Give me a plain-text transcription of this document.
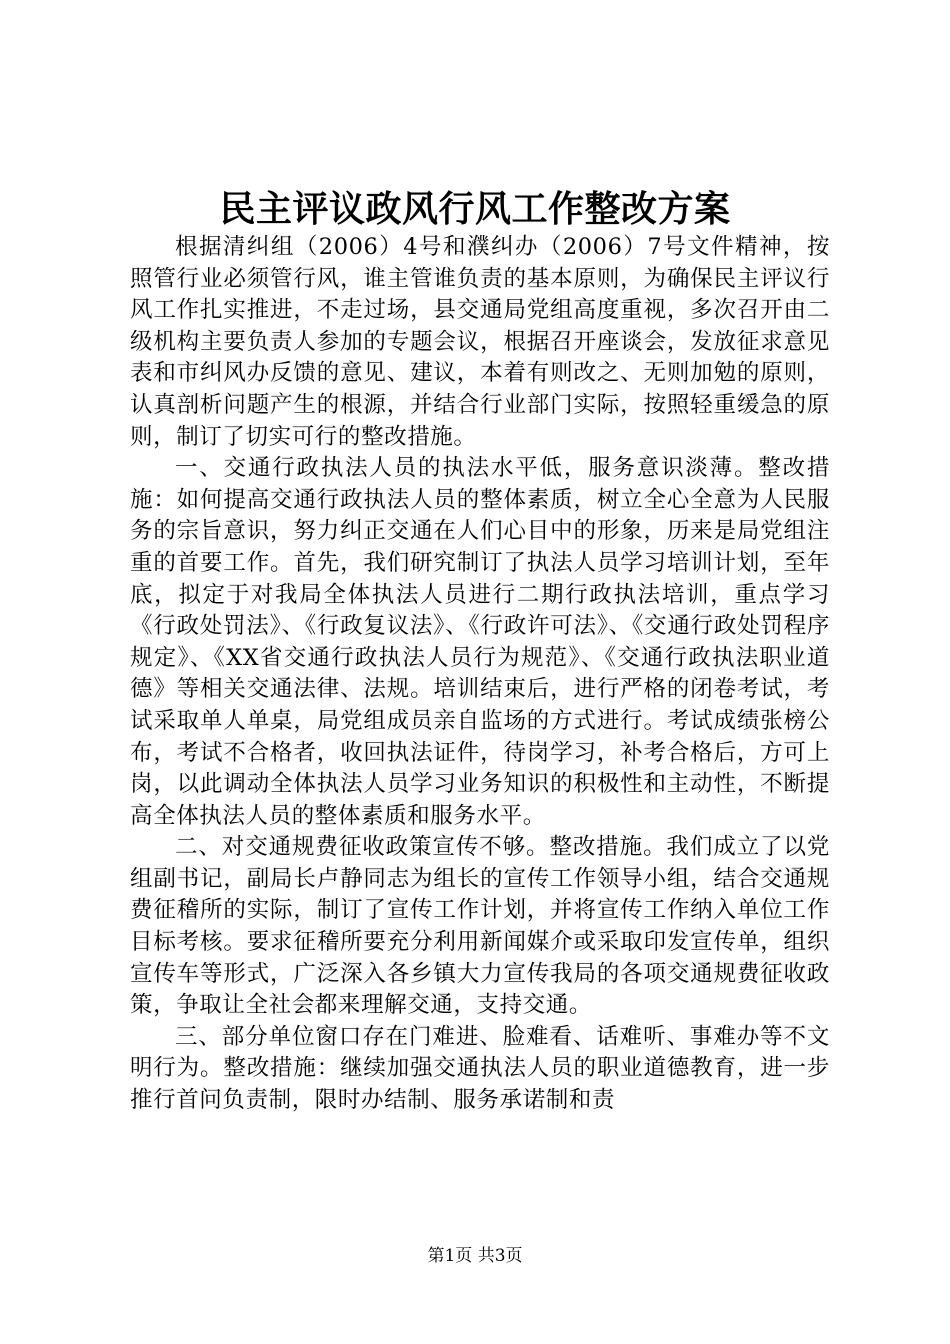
民主评议政风行风工作整改方案

根据清纠组（2006）4号和濮纠办（2006）7号文件精神，按照管行业必须管行风，谁主管谁负责的基本原则，为确保民主评议行风工作扎实推进，不走过场，县交通局党组高度重视，多次召开由二级机构主要负责人参加的专题会议，根据召开座谈会，发放征求意见表和市纠风办反馈的意见、建议，本着有则改之、无则加勉的原则，认真剖析问题产生的根源，并结合行业部门实际，按照轻重缓急的原则，制订了切实可行的整改措施。

一、交通行政执法人员的执法水平低，服务意识淡薄。整改措施：如何提高交通行政执法人员的整体素质，树立全心全意为人民服务的宗旨意识，努力纠正交通在人们心目中的形象，历来是局党组注重的首要工作。首先，我们研究制订了执法人员学习培训计划，至年底，拟定于对我局全体执法人员进行二期行政执法培训，重点学习《行政处罚法》、《行政复议法》、《行政许可法》、《交通行政处罚程序规定》、《XX省交通行政执法人员行为规范》、《交通行政执法职业道德》等相关交通法律、法规。培训结束后，进行严格的闭卷考试，考试采取单人单桌，局党组成员亲自监场的方式进行。考试成绩张榜公布，考试不合格者，收回执法证件，待岗学习，补考合格后，方可上岗，以此调动全体执法人员学习业务知识的积极性和主动性，不断提高全体执法人员的整体素质和服务水平。

二、对交通规费征收政策宣传不够。整改措施。我们成立了以党组副书记，副局长卢静同志为组长的宣传工作领导小组，结合交通规费征稽所的实际，制订了宣传工作计划，并将宣传工作纳入单位工作目标考核。要求征稽所要充分利用新闻媒介或采取印发宣传单，组织宣传车等形式，广泛深入各乡镇大力宣传我局的各项交通规费征收政策，争取让全社会都来理解交通，支持交通。

三、部分单位窗口存在门难进、脸难看、话难听、事难办等不文明行为。整改措施：继续加强交通执法人员的职业道德教育，进一步推行首问负责制，限时办结制、服务承诺制和责

第1页 共3页
